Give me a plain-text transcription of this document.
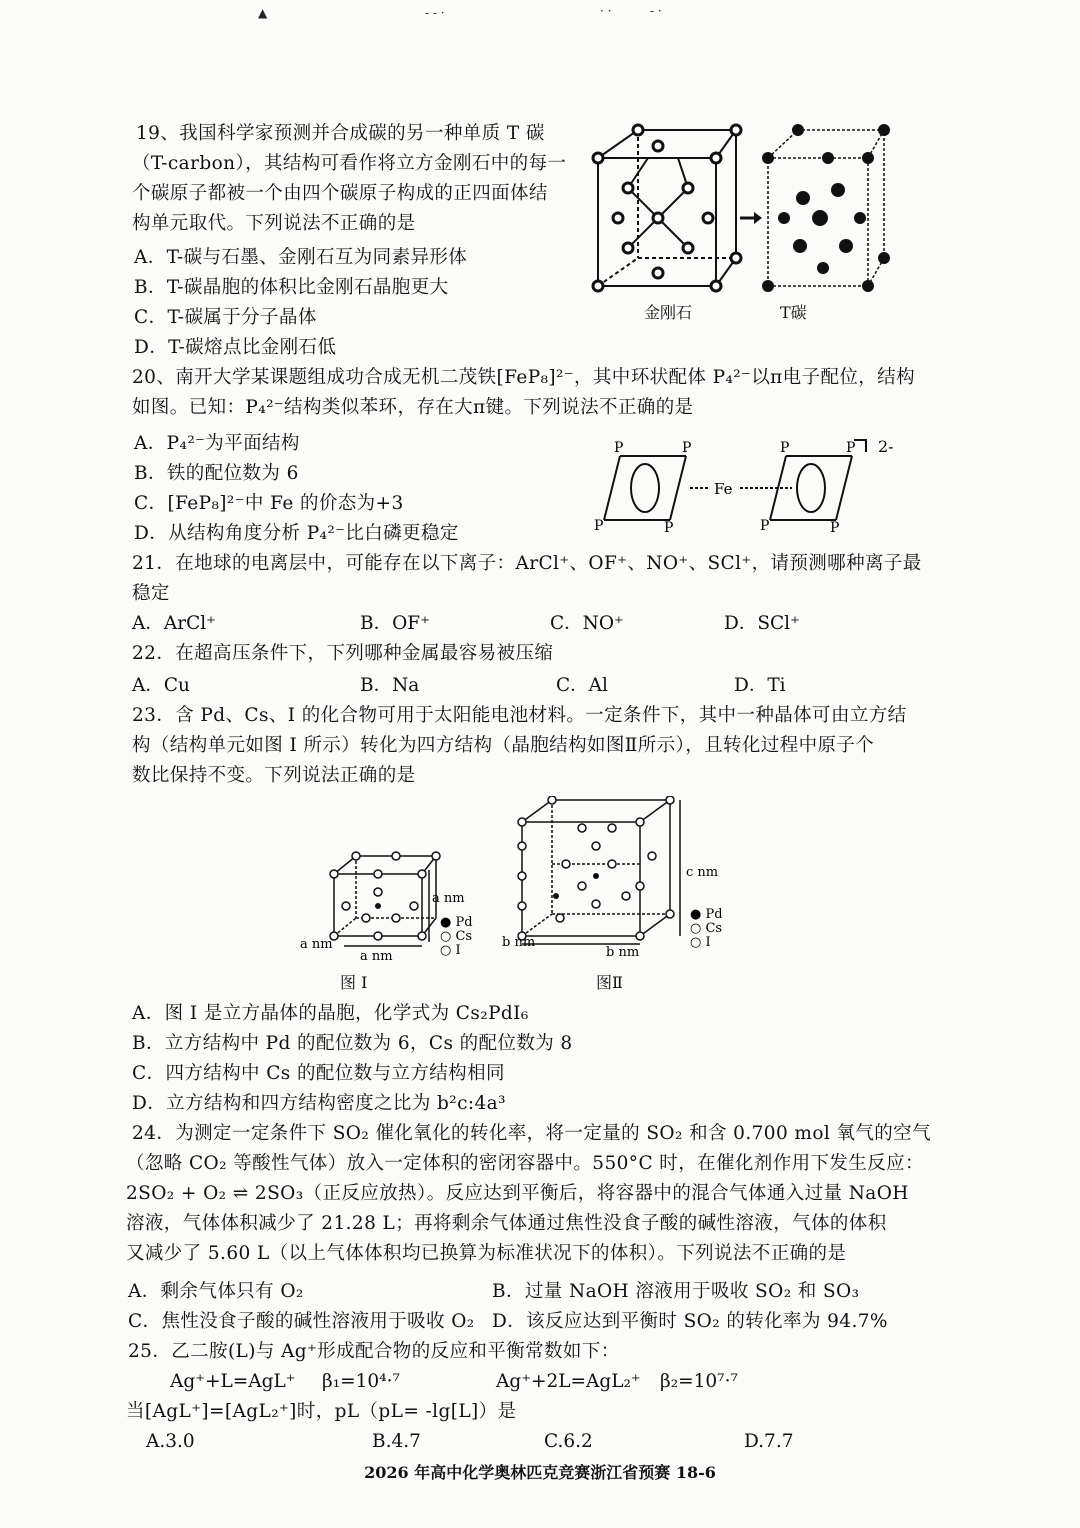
▲	- - ·	· ·	- ·
19、我国科学家预测并合成碳的另一种单质 T 碳
（T-carbon），其结构可看作将立方金刚石中的每一
个碳原子都被一个由四个碳原子构成的正四面体结
构单元取代。下列说法不正确的是
A．T-碳与石墨、金刚石互为同素异形体
B．T-碳晶胞的体积比金刚石晶胞更大
C．T-碳属于分子晶体
D．T-碳熔点比金刚石低
金刚石	T碳
20、南开大学某课题组成功合成无机二茂铁[FeP₈]²⁻，其中环状配体 P₄²⁻以π电子配位，结构
如图。已知：P₄²⁻结构类似苯环，存在大π键。下列说法不正确的是
A．P₄²⁻为平面结构
B．铁的配位数为 6
C．[FeP₈]²⁻中 Fe 的价态为+3
D．从结构角度分析 P₄²⁻比白磷更稳定
P	P
P	P
P	P
P	P
Fe
2-
21．在地球的电离层中，可能存在以下离子：ArCl⁺、OF⁺、NO⁺、SCl⁺，请预测哪种离子最
稳定
A．ArCl⁺	B．OF⁺	C．NO⁺	D．SCl⁺
22．在超高压条件下，下列哪种金属最容易被压缩
A．Cu	B．Na	C．Al	D．Ti
23．含 Pd、Cs、I 的化合物可用于太阳能电池材料。一定条件下，其中一种晶体可由立方结
构（结构单元如图 I 所示）转化为四方结构（晶胞结构如图Ⅱ所示），且转化过程中原子个
数比保持不变。下列说法正确的是
a nm
a nm
a nm
● Pd
○ Cs
○ I
c nm
b nm
b nm
● Pd
○ Cs
○ I
图 I	图Ⅱ
A．图 I 是立方晶体的晶胞，化学式为 Cs₂PdI₆
B．立方结构中 Pd 的配位数为 6，Cs 的配位数为 8
C．四方结构中 Cs 的配位数与立方结构相同
D．立方结构和四方结构密度之比为 b²c:4a³
24．为测定一定条件下 SO₂ 催化氧化的转化率，将一定量的 SO₂ 和含 0.700 mol 氧气的空气
（忽略 CO₂ 等酸性气体）放入一定体积的密闭容器中。550°C 时，在催化剂作用下发生反应：
2SO₂ + O₂ ⇌ 2SO₃（正反应放热）。反应达到平衡后，将容器中的混合气体通入过量 NaOH
溶液，气体体积减少了 21.28 L；再将剩余气体通过焦性没食子酸的碱性溶液，气体的体积
又减少了 5.60 L（以上气体体积均已换算为标准状况下的体积）。下列说法不正确的是
A．剩余气体只有 O₂	B．过量 NaOH 溶液用于吸收 SO₂ 和 SO₃
C．焦性没食子酸的碱性溶液用于吸收 O₂ D．该反应达到平衡时 SO₂ 的转化率为 94.7%
25．乙二胺(L)与 Ag⁺形成配合物的反应和平衡常数如下：
Ag⁺+L=AgL⁺ β₁=10⁴·⁷	Ag⁺+2L=AgL₂⁺ β₂=10⁷·⁷
当[AgL⁺]=[AgL₂⁺]时，pL（pL= -lg[L]）是
A.3.0	B.4.7	C.6.2	D.7.7
2026 年高中化学奥林匹克竞赛浙江省预赛 18-6
